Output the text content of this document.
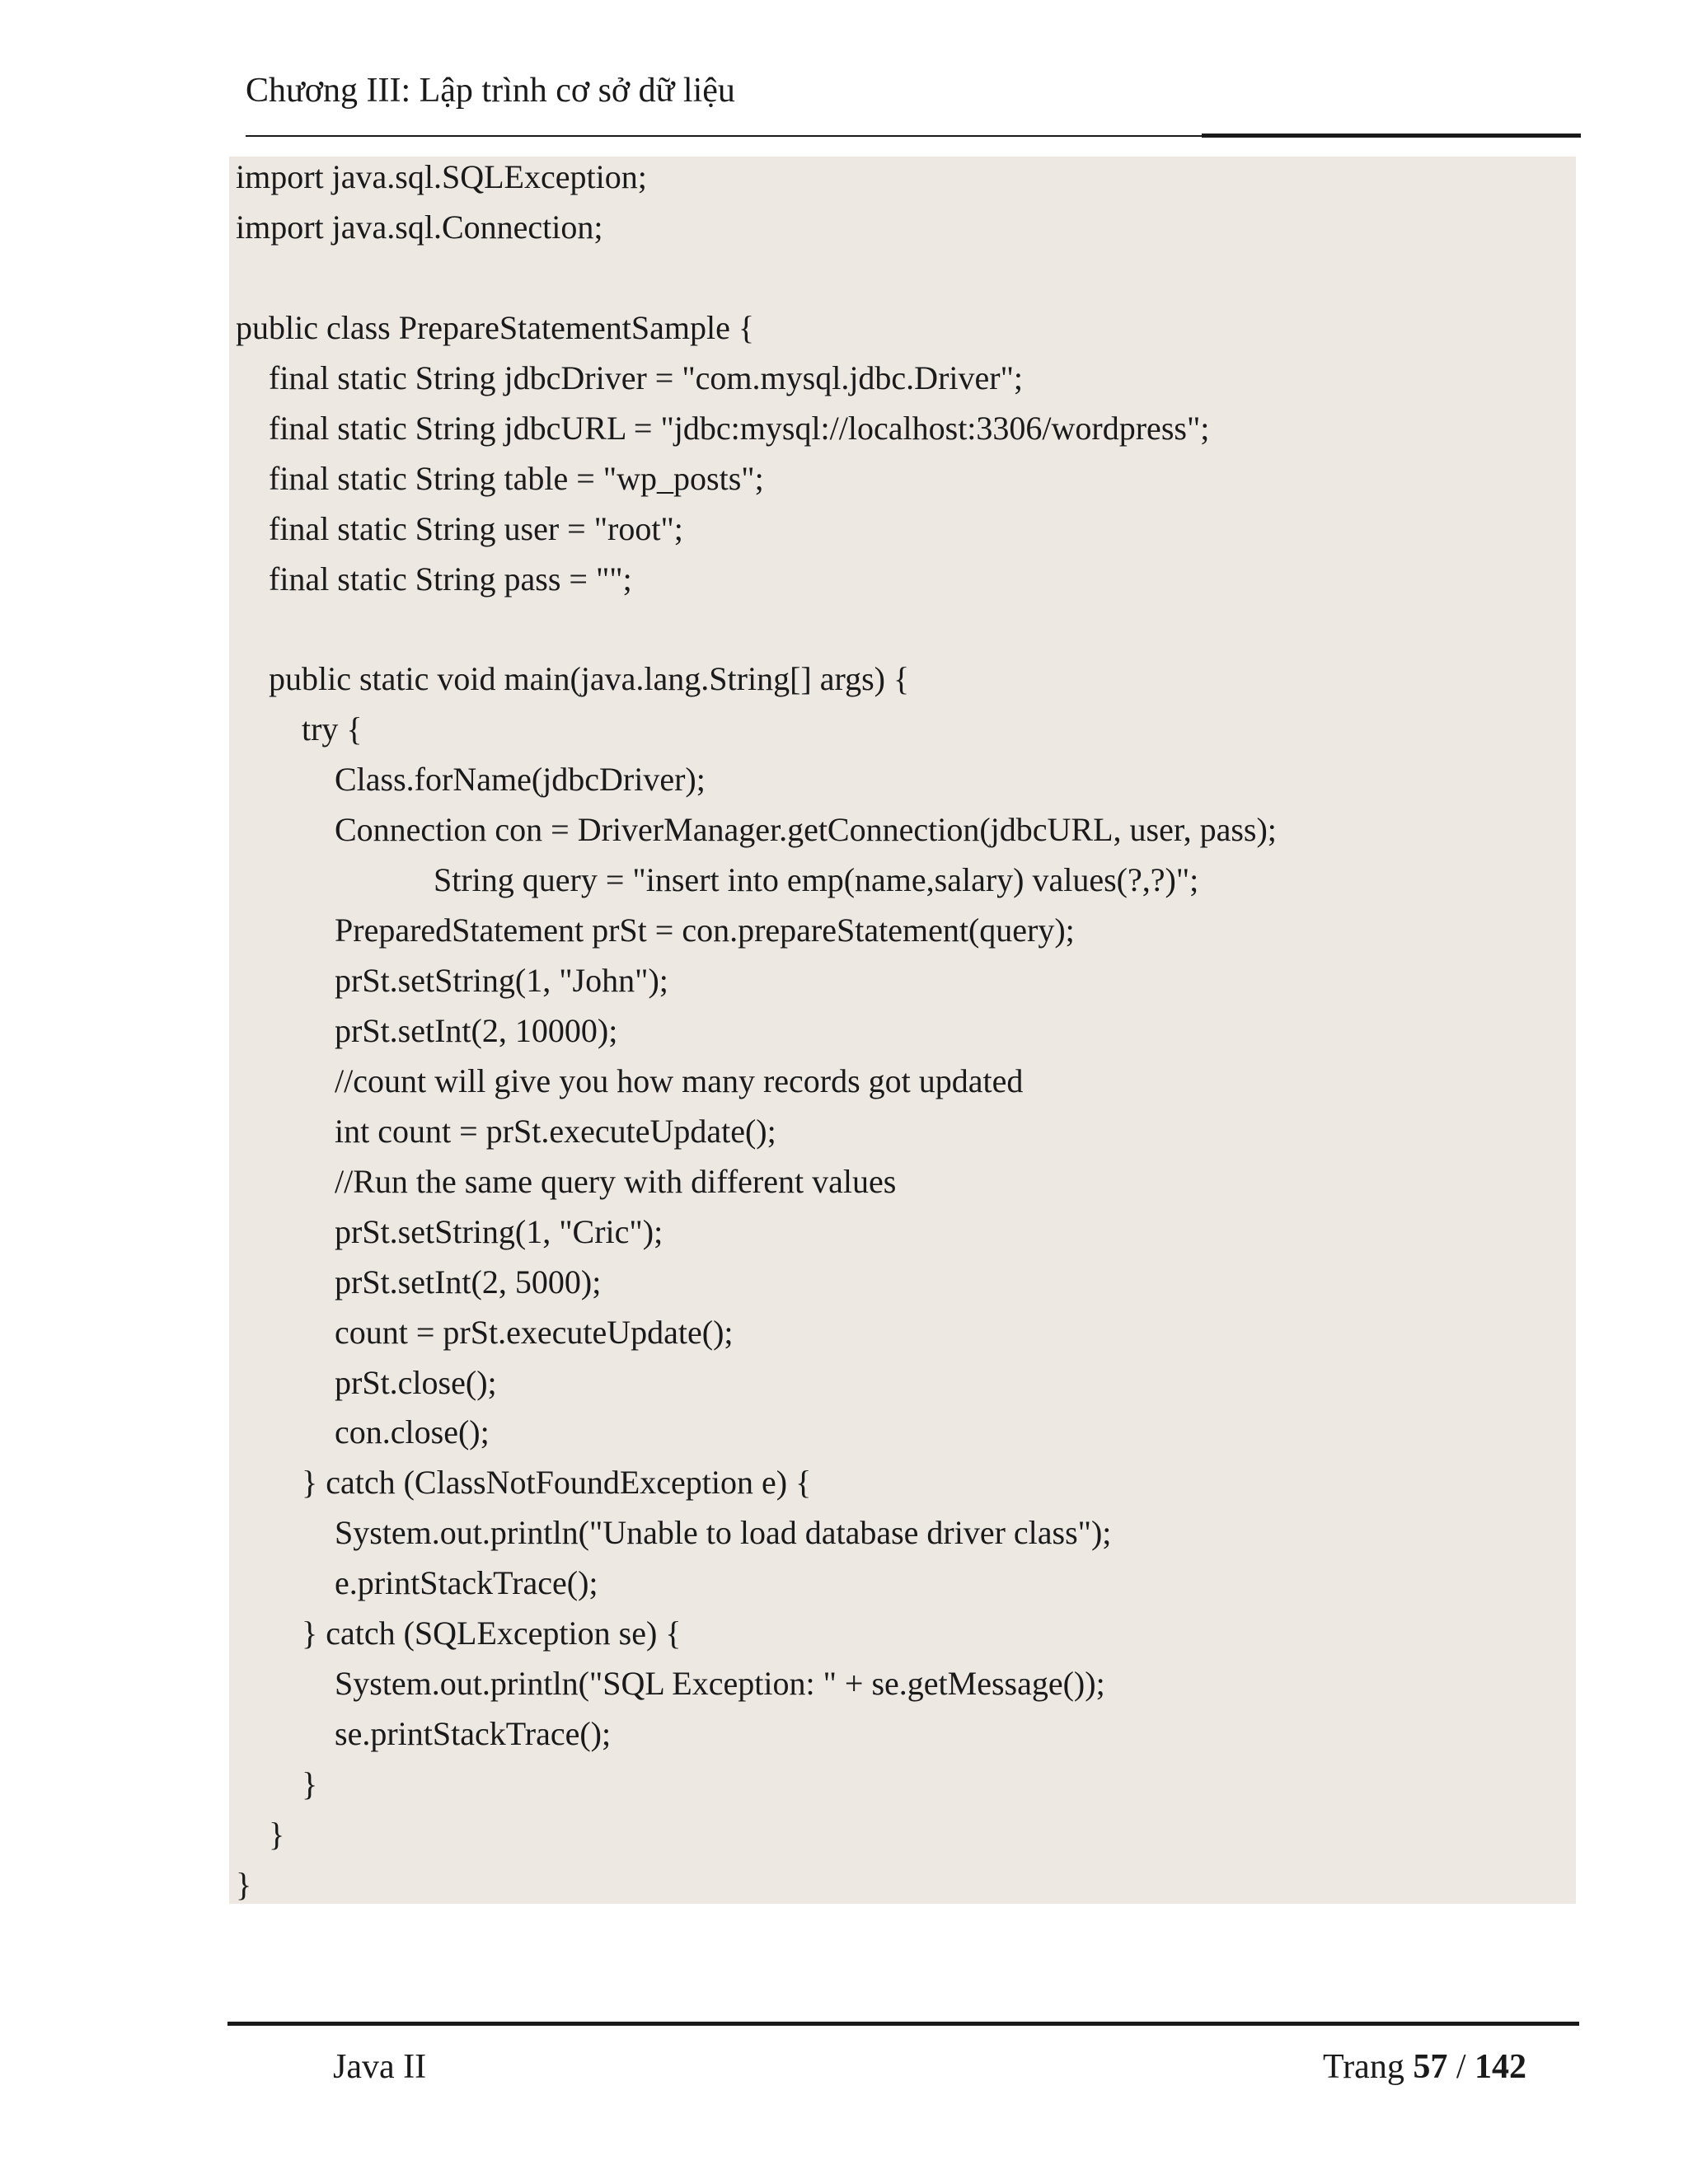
Chương III: Lập trình cơ sở dữ liệu
import java.sql.SQLException;
import java.sql.Connection;
public class PrepareStatementSample {
final static String jdbcDriver = "com.mysql.jdbc.Driver";
final static String jdbcURL = "jdbc:mysql://localhost:3306/wordpress";
final static String table = "wp_posts";
final static String user = "root";
final static String pass = "";
public static void main(java.lang.String[] args) {
try {
Class.forName(jdbcDriver);
Connection con = DriverManager.getConnection(jdbcURL, user, pass);
String query = "insert into emp(name,salary) values(?,?)";
PreparedStatement prSt = con.prepareStatement(query);
prSt.setString(1, "John");
prSt.setInt(2, 10000);
//count will give you how many records got updated
int count = prSt.executeUpdate();
//Run the same query with different values
prSt.setString(1, "Cric");
prSt.setInt(2, 5000);
count = prSt.executeUpdate();
prSt.close();
con.close();
} catch (ClassNotFoundException e) {
System.out.println("Unable to load database driver class");
e.printStackTrace();
} catch (SQLException se) {
System.out.println("SQL Exception: " + se.getMessage());
se.printStackTrace();
}
}
}
Java II	Trang 57 / 142
